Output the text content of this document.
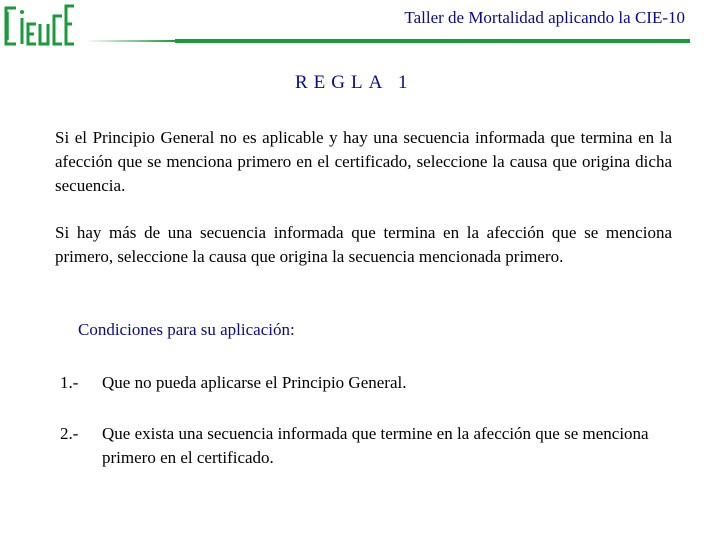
Taller de Mortalidad aplicando la CIE-10
REGLA 1
Si el Principio General no es aplicable y hay una secuencia informada que termina en la afección que se menciona primero en el certificado, seleccione la causa que origina dicha secuencia.
Si hay más de una secuencia informada que termina en la afección que se menciona primero, seleccione la causa que origina la secuencia mencionada primero.
Condiciones para su aplicación:
1.- Que no pueda aplicarse el Principio General.
2.- Que exista una secuencia informada que termine en la afección que se menciona primero en el certificado.
